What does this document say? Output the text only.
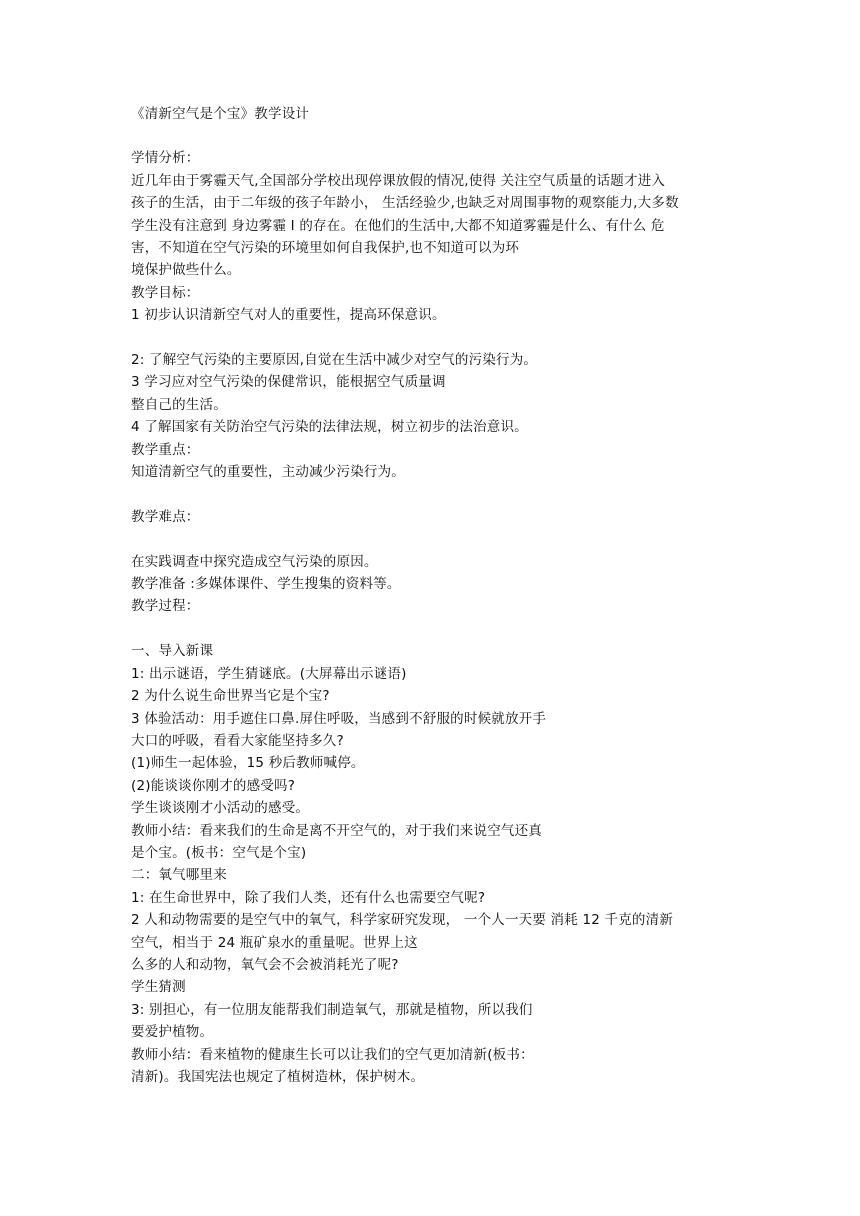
《清新空气是个宝》教学设计

学情分析：

近几年由于雾霾天气,全国部分学校出现停课放假的情况,使得 关注空气质量的话题才进入

孩子的生活，由于二年级的孩子年龄小， 生活经验少,也缺乏对周围事物的观察能力,大多数

学生没有注意到 身边雾霾 I 的存在。在他们的生活中,大都不知道雾霾是什么、有什么 危

害，不知道在空气污染的环境里如何自我保护,也不知道可以为环

境保护做些什么。

教学目标：

1 初步认识清新空气对人的重要性，提高环保意识。

2: 了解空气污染的主要原因,自觉在生活中减少对空气的污染行为。

3 学习应对空气污染的保健常识，能根据空气质量调

整自己的生活。

4 了解国家有关防治空气污染的法律法规，树立初步的法治意识。

教学重点：

知道清新空气的重要性，主动减少污染行为。

教学难点：

在实践调查中探究造成空气污染的原因。

教学准备 :多媒体课件、学生搜集的资料等。

教学过程：

一、导入新课

1: 出示谜语，学生猜谜底。(大屏幕出示谜语)

2 为什么说生命世界当它是个宝?

3 体验活动：用手遮住口鼻.屏住呼吸，当感到不舒服的时候就放开手

大口的呼吸，看看大家能坚持多久?

(1)师生一起体验，15 秒后教师喊停。

(2)能谈谈你刚才的感受吗?

学生谈谈刚才小活动的感受。

教师小结：看来我们的生命是离不开空气的，对于我们来说空气还真

是个宝。(板书：空气是个宝)

二：氧气哪里来

1: 在生命世界中，除了我们人类，还有什么也需要空气呢?

2 人和动物需要的是空气中的氧气，科学家研究发现， 一个人一天要 消耗 12 千克的清新

空气，相当于 24 瓶矿泉水的重量呢。世界上这

么多的人和动物，氧气会不会被消耗光了呢?

学生猜测

3: 别担心，有一位朋友能帮我们制造氧气，那就是植物，所以我们

要爱护植物。

教师小结：看来植物的健康生长可以让我们的空气更加清新(板书：

清新)。我国宪法也规定了植树造林，保护树木。
